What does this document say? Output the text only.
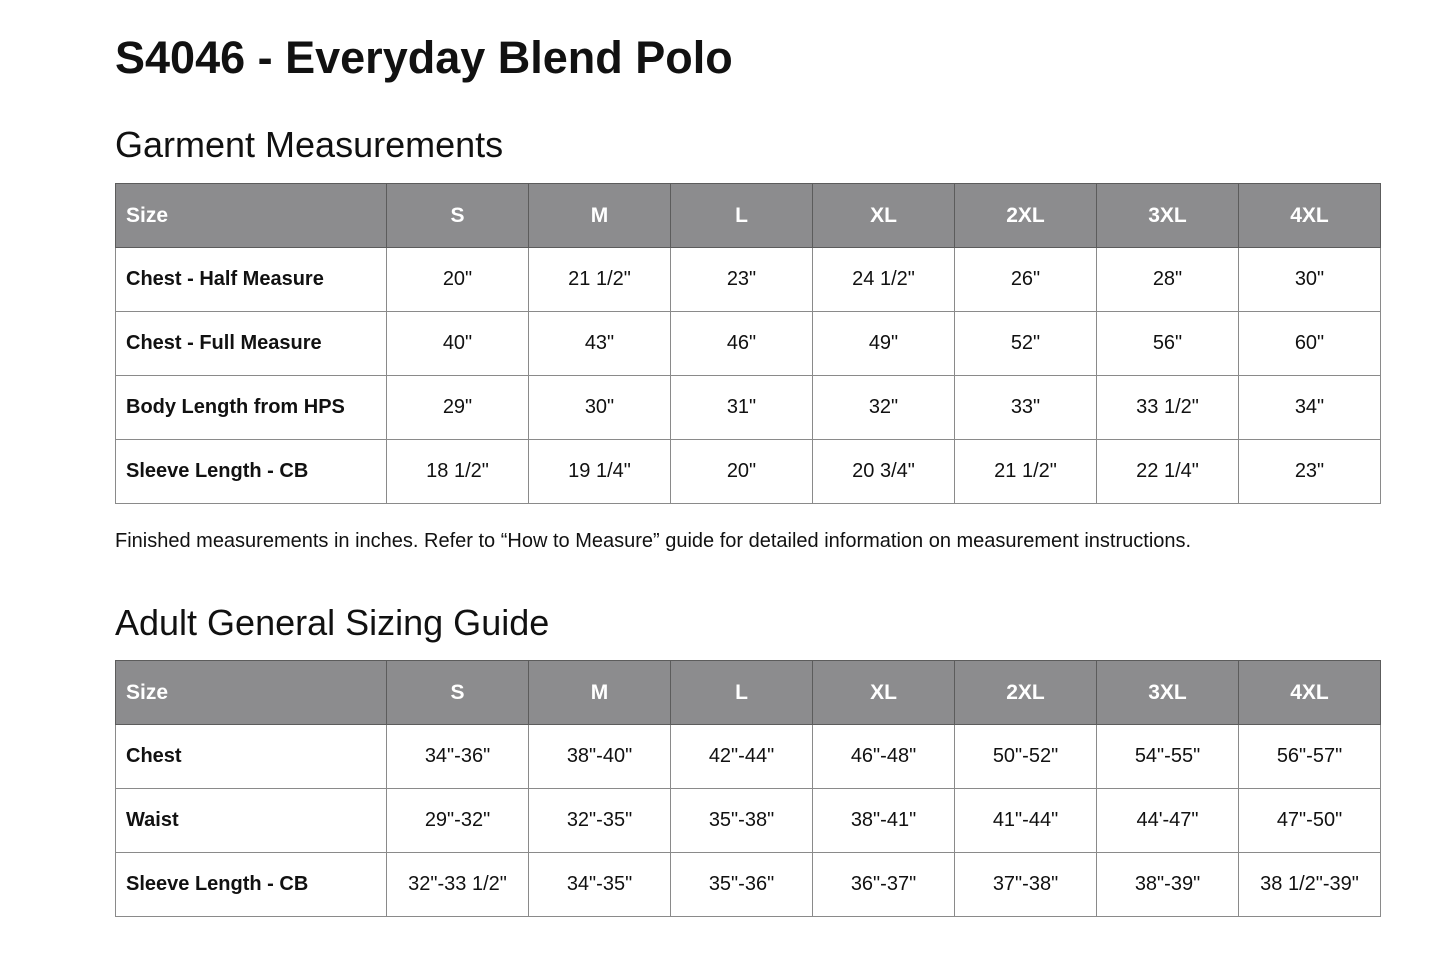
S4046 - Everyday Blend Polo
Garment Measurements
Size	S	M	L	XL	2XL	3XL	4XL
Chest - Half Measure	20"	21 1/2"	23"	24 1/2"	26"	28"	30"
Chest - Full Measure	40"	43"	46"	49"	52"	56"	60"
Body Length from HPS	29"	30"	31"	32"	33"	33 1/2"	34"
Sleeve Length - CB	18 1/2"	19 1/4"	20"	20 3/4"	21 1/2"	22 1/4"	23"

Finished measurements in inches. Refer to “How to Measure” guide for detailed information on measurement instructions.

Adult General Sizing Guide
Size	S	M	L	XL	2XL	3XL	4XL
Chest	34"-36"	38"-40"	42"-44"	46"-48"	50"-52"	54"-55"	56"-57"
Waist	29"-32"	32"-35"	35"-38"	38"-41"	41"-44"	44'-47"	47"-50"
Sleeve Length - CB	32"-33 1/2"	34"-35"	35"-36"	36"-37"	37"-38"	38"-39"	38 1/2"-39"
